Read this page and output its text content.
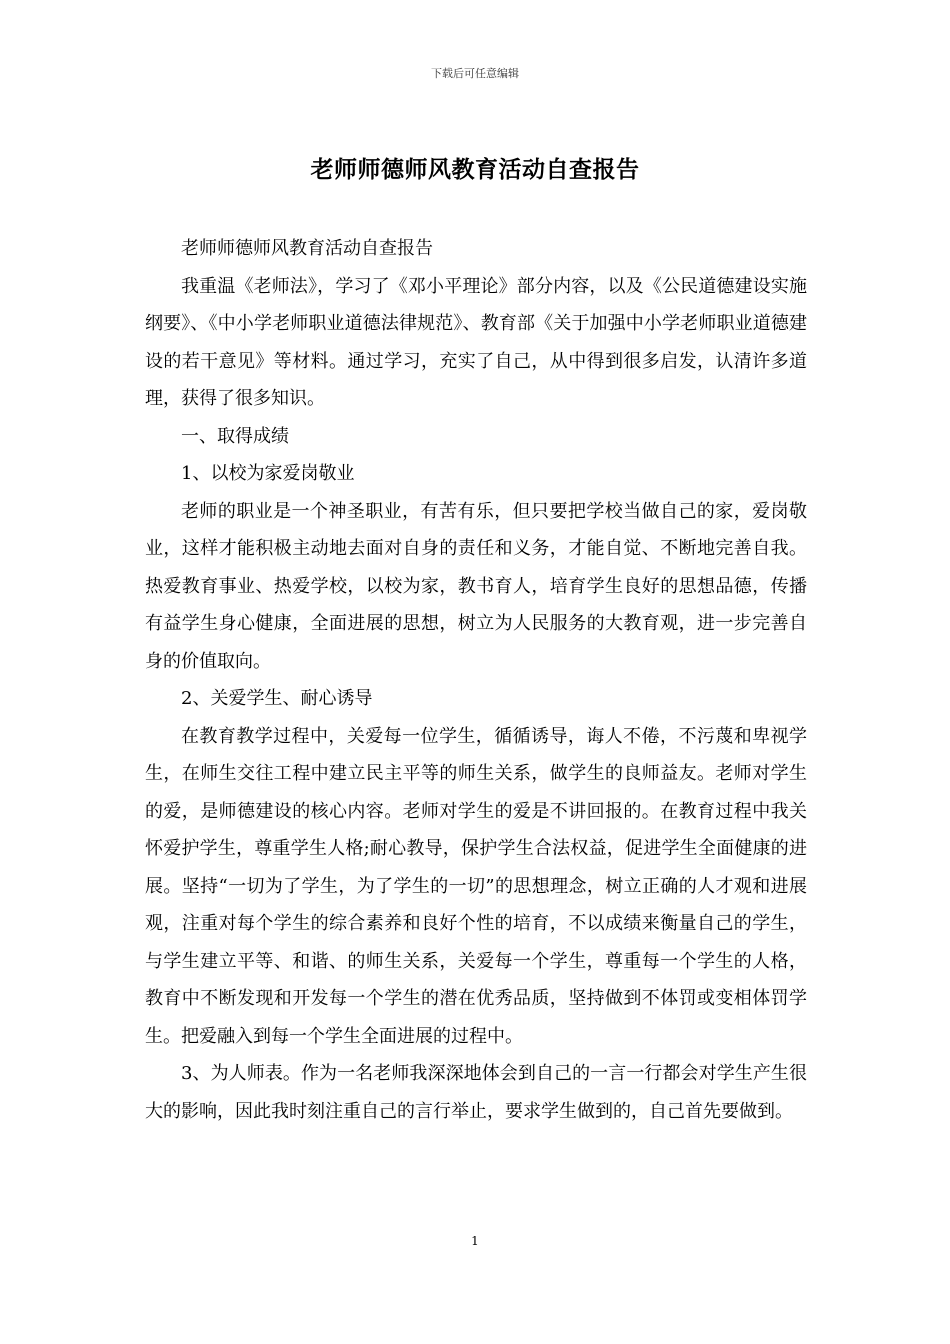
下载后可任意编辑
老师师德师风教育活动自查报告

老师师德师风教育活动自查报告

我重温《老师法》，学习了《邓小平理论》部分内容，以及《公民道德建设实施纲要》、《中小学老师职业道德法律规范》、教育部《关于加强中小学老师职业道德建设的若干意见》等材料。通过学习，充实了自己，从中得到很多启发，认清许多道理，获得了很多知识。

一、取得成绩

1、以校为家爱岗敬业

老师的职业是一个神圣职业，有苦有乐，但只要把学校当做自己的家，爱岗敬业，这样才能积极主动地去面对自身的责任和义务，才能自觉、不断地完善自我。热爱教育事业、热爱学校，以校为家，教书育人，培育学生良好的思想品德，传播有益学生身心健康，全面进展的思想，树立为人民服务的大教育观，进一步完善自身的价值取向。

2、关爱学生、耐心诱导

在教育教学过程中，关爱每一位学生，循循诱导，诲人不倦，不污蔑和卑视学生，在师生交往工程中建立民主平等的师生关系，做学生的良师益友。老师对学生的爱，是师德建设的核心内容。老师对学生的爱是不讲回报的。在教育过程中我关怀爱护学生，尊重学生人格;耐心教导，保护学生合法权益，促进学生全面健康的进展。坚持“一切为了学生，为了学生的一切”的思想理念，树立正确的人才观和进展观，注重对每个学生的综合素养和良好个性的培育，不以成绩来衡量自己的学生，与学生建立平等、和谐、的师生关系，关爱每一个学生，尊重每一个学生的人格，教育中不断发现和开发每一个学生的潜在优秀品质，坚持做到不体罚或变相体罚学生。把爱融入到每一个学生全面进展的过程中。

3、为人师表。作为一名老师我深深地体会到自己的一言一行都会对学生产生很大的影响，因此我时刻注重自己的言行举止，要求学生做到的，自己首先要做到。

1
